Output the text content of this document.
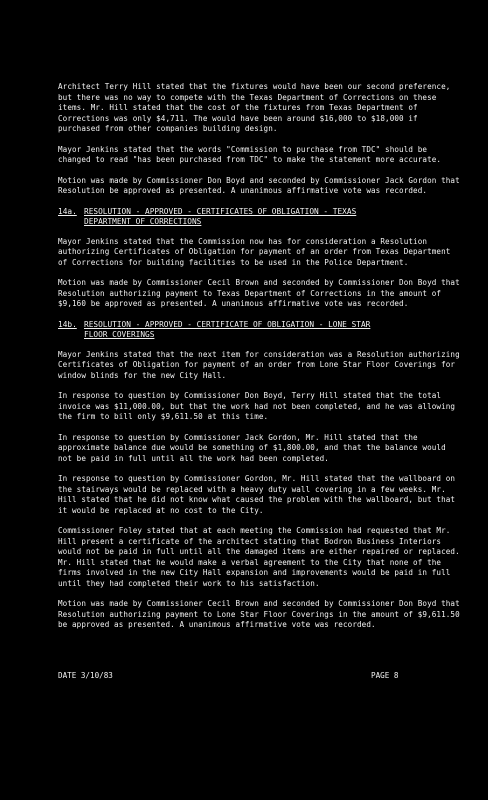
Architect Terry Hill stated that the fixtures would have been our second preference, but there was no way to compete with the Texas Department of Corrections on these items. Mr. Hill stated that the cost of the fixtures from Texas Department of Corrections was only $4,711. The would have been around $16,000 to $18,000 if purchased from other companies building design.

Mayor Jenkins stated that the words "Commission to purchase from TDC" should be changed to read "has been purchased from TDC" to make the statement more accurate.

Motion was made by Commissioner Don Boyd and seconded by Commissioner Jack Gordon that Resolution be approved as presented. A unanimous affirmative vote was recorded.

14a. RESOLUTION - APPROVED - CERTIFICATES OF OBLIGATION - TEXAS
DEPARTMENT OF CORRECTIONS

Mayor Jenkins stated that the Commission now has for consideration a Resolution authorizing Certificates of Obligation for payment of an order from Texas Department of Corrections for building facilities to be used in the Police Department.

Motion was made by Commissioner Cecil Brown and seconded by Commissioner Don Boyd that Resolution authorizing payment to Texas Department of Corrections in the amount of $9,160 be approved as presented. A unanimous affirmative vote was recorded.

14b. RESOLUTION - APPROVED - CERTIFICATE OF OBLIGATION - LONE STAR
FLOOR COVERINGS

Mayor Jenkins stated that the next item for consideration was a Resolution authorizing Certificates of Obligation for payment of an order from Lone Star Floor Coverings for window blinds for the new City Hall.

In response to question by Commissioner Don Boyd, Terry Hill stated that the total invoice was $11,000.00, but that the work had not been completed, and he was allowing the firm to bill only $9,611.50 at this time.

In response to question by Commissioner Jack Gordon, Mr. Hill stated that the approximate balance due would be something of $1,800.00, and that the balance would not be paid in full until all the work had been completed.

In response to question by Commissioner Gordon, Mr. Hill stated that the wallboard on the stairways would be replaced with a heavy duty wall covering in a few weeks. Mr. Hill stated that he did not know what caused the problem with the wallboard, but that it would be replaced at no cost to the City.

Commissioner Foley stated that at each meeting the Commission had requested that Mr. Hill present a certificate of the architect stating that Bodron Business Interiors would not be paid in full until all the damaged items are either repaired or replaced. Mr. Hill stated that he would make a verbal agreement to the City that none of the firms involved in the new City Hall expansion and improvements would be paid in full until they had completed their work to his satisfaction.

Motion was made by Commissioner Cecil Brown and seconded by Commissioner Don Boyd that Resolution authorizing payment to Lone Star Floor Coverings in the amount of $9,611.50 be approved as presented. A unanimous affirmative vote was recorded.

DATE 3/10/83	PAGE 8
